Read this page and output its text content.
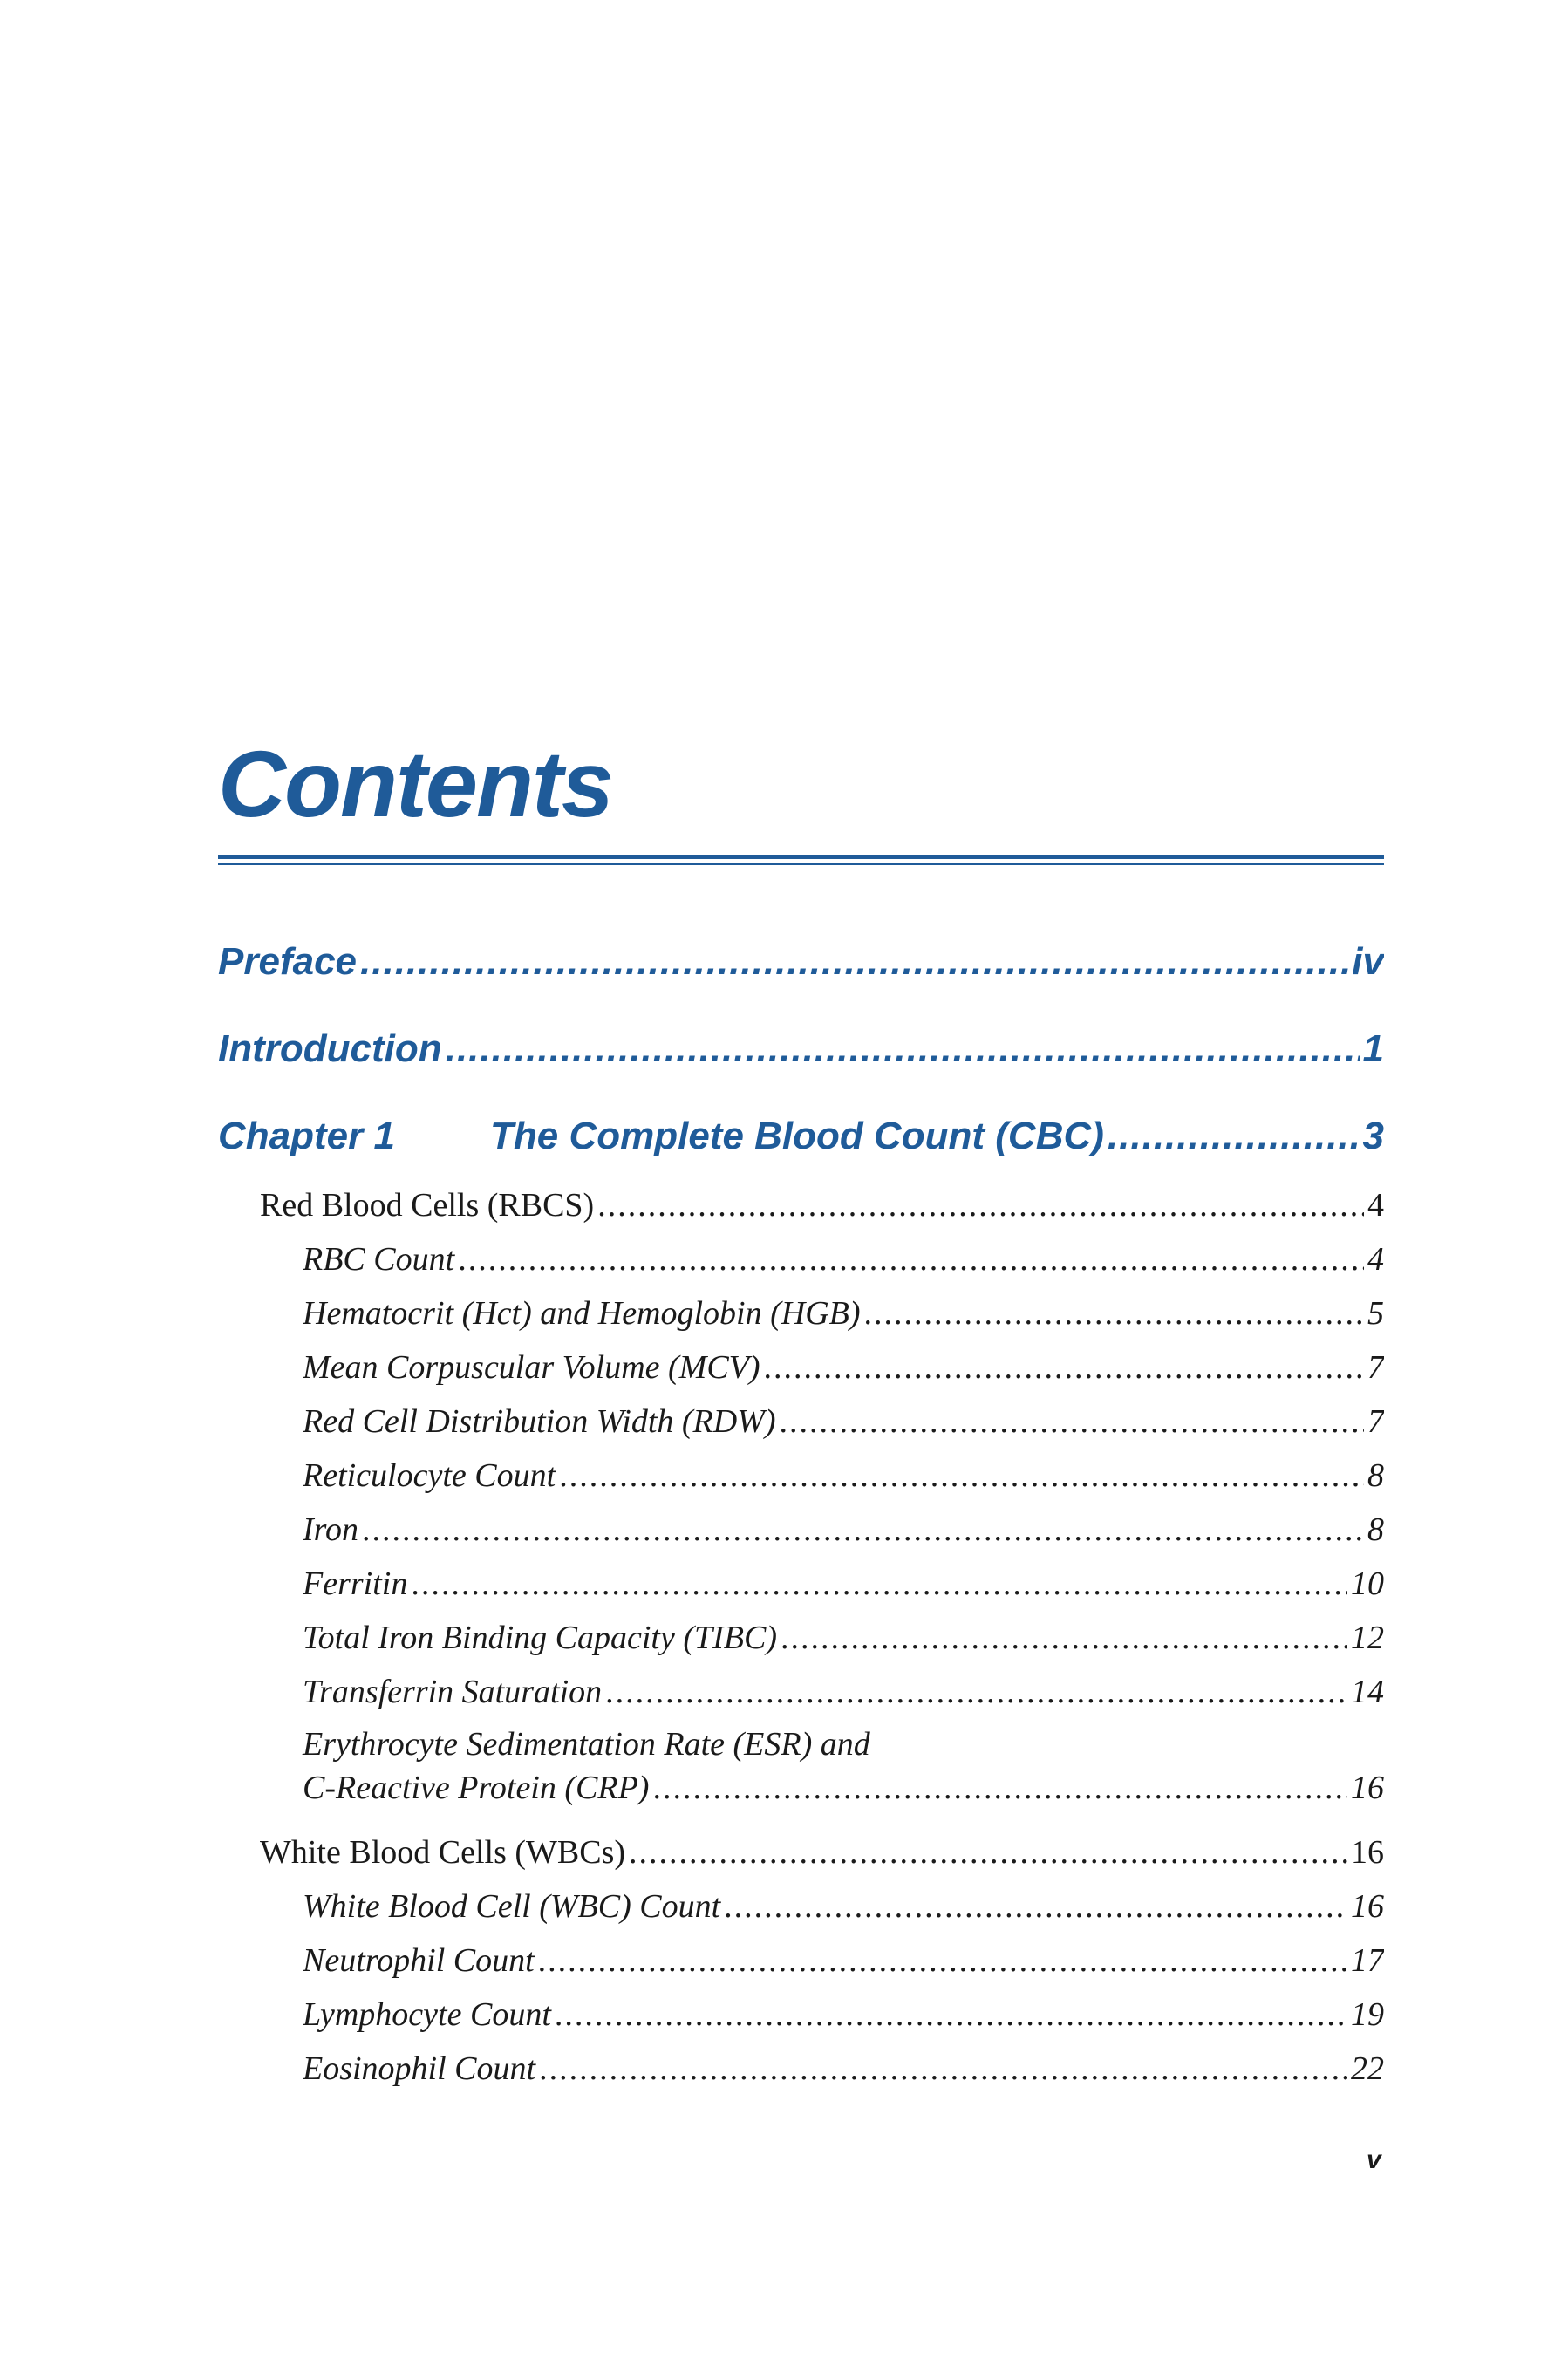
Contents
Preface .....	iv
Introduction .....	1
Chapter 1 The Complete Blood Count (CBC) .....	3
Red Blood Cells (RBCS) .....	4
RBC Count .....	4
Hematocrit (Hct) and Hemoglobin (HGB) .....	5
Mean Corpuscular Volume (MCV) .....	7
Red Cell Distribution Width (RDW) .....	7
Reticulocyte Count .....	8
Iron .....	8
Ferritin .....	10
Total Iron Binding Capacity (TIBC) .....	12
Transferrin Saturation .....	14
Erythrocyte Sedimentation Rate (ESR) and
C-Reactive Protein (CRP) .....	16
White Blood Cells (WBCs) .....	16
White Blood Cell (WBC) Count .....	16
Neutrophil Count .....	17
Lymphocyte Count .....	19
Eosinophil Count .....	22
v
